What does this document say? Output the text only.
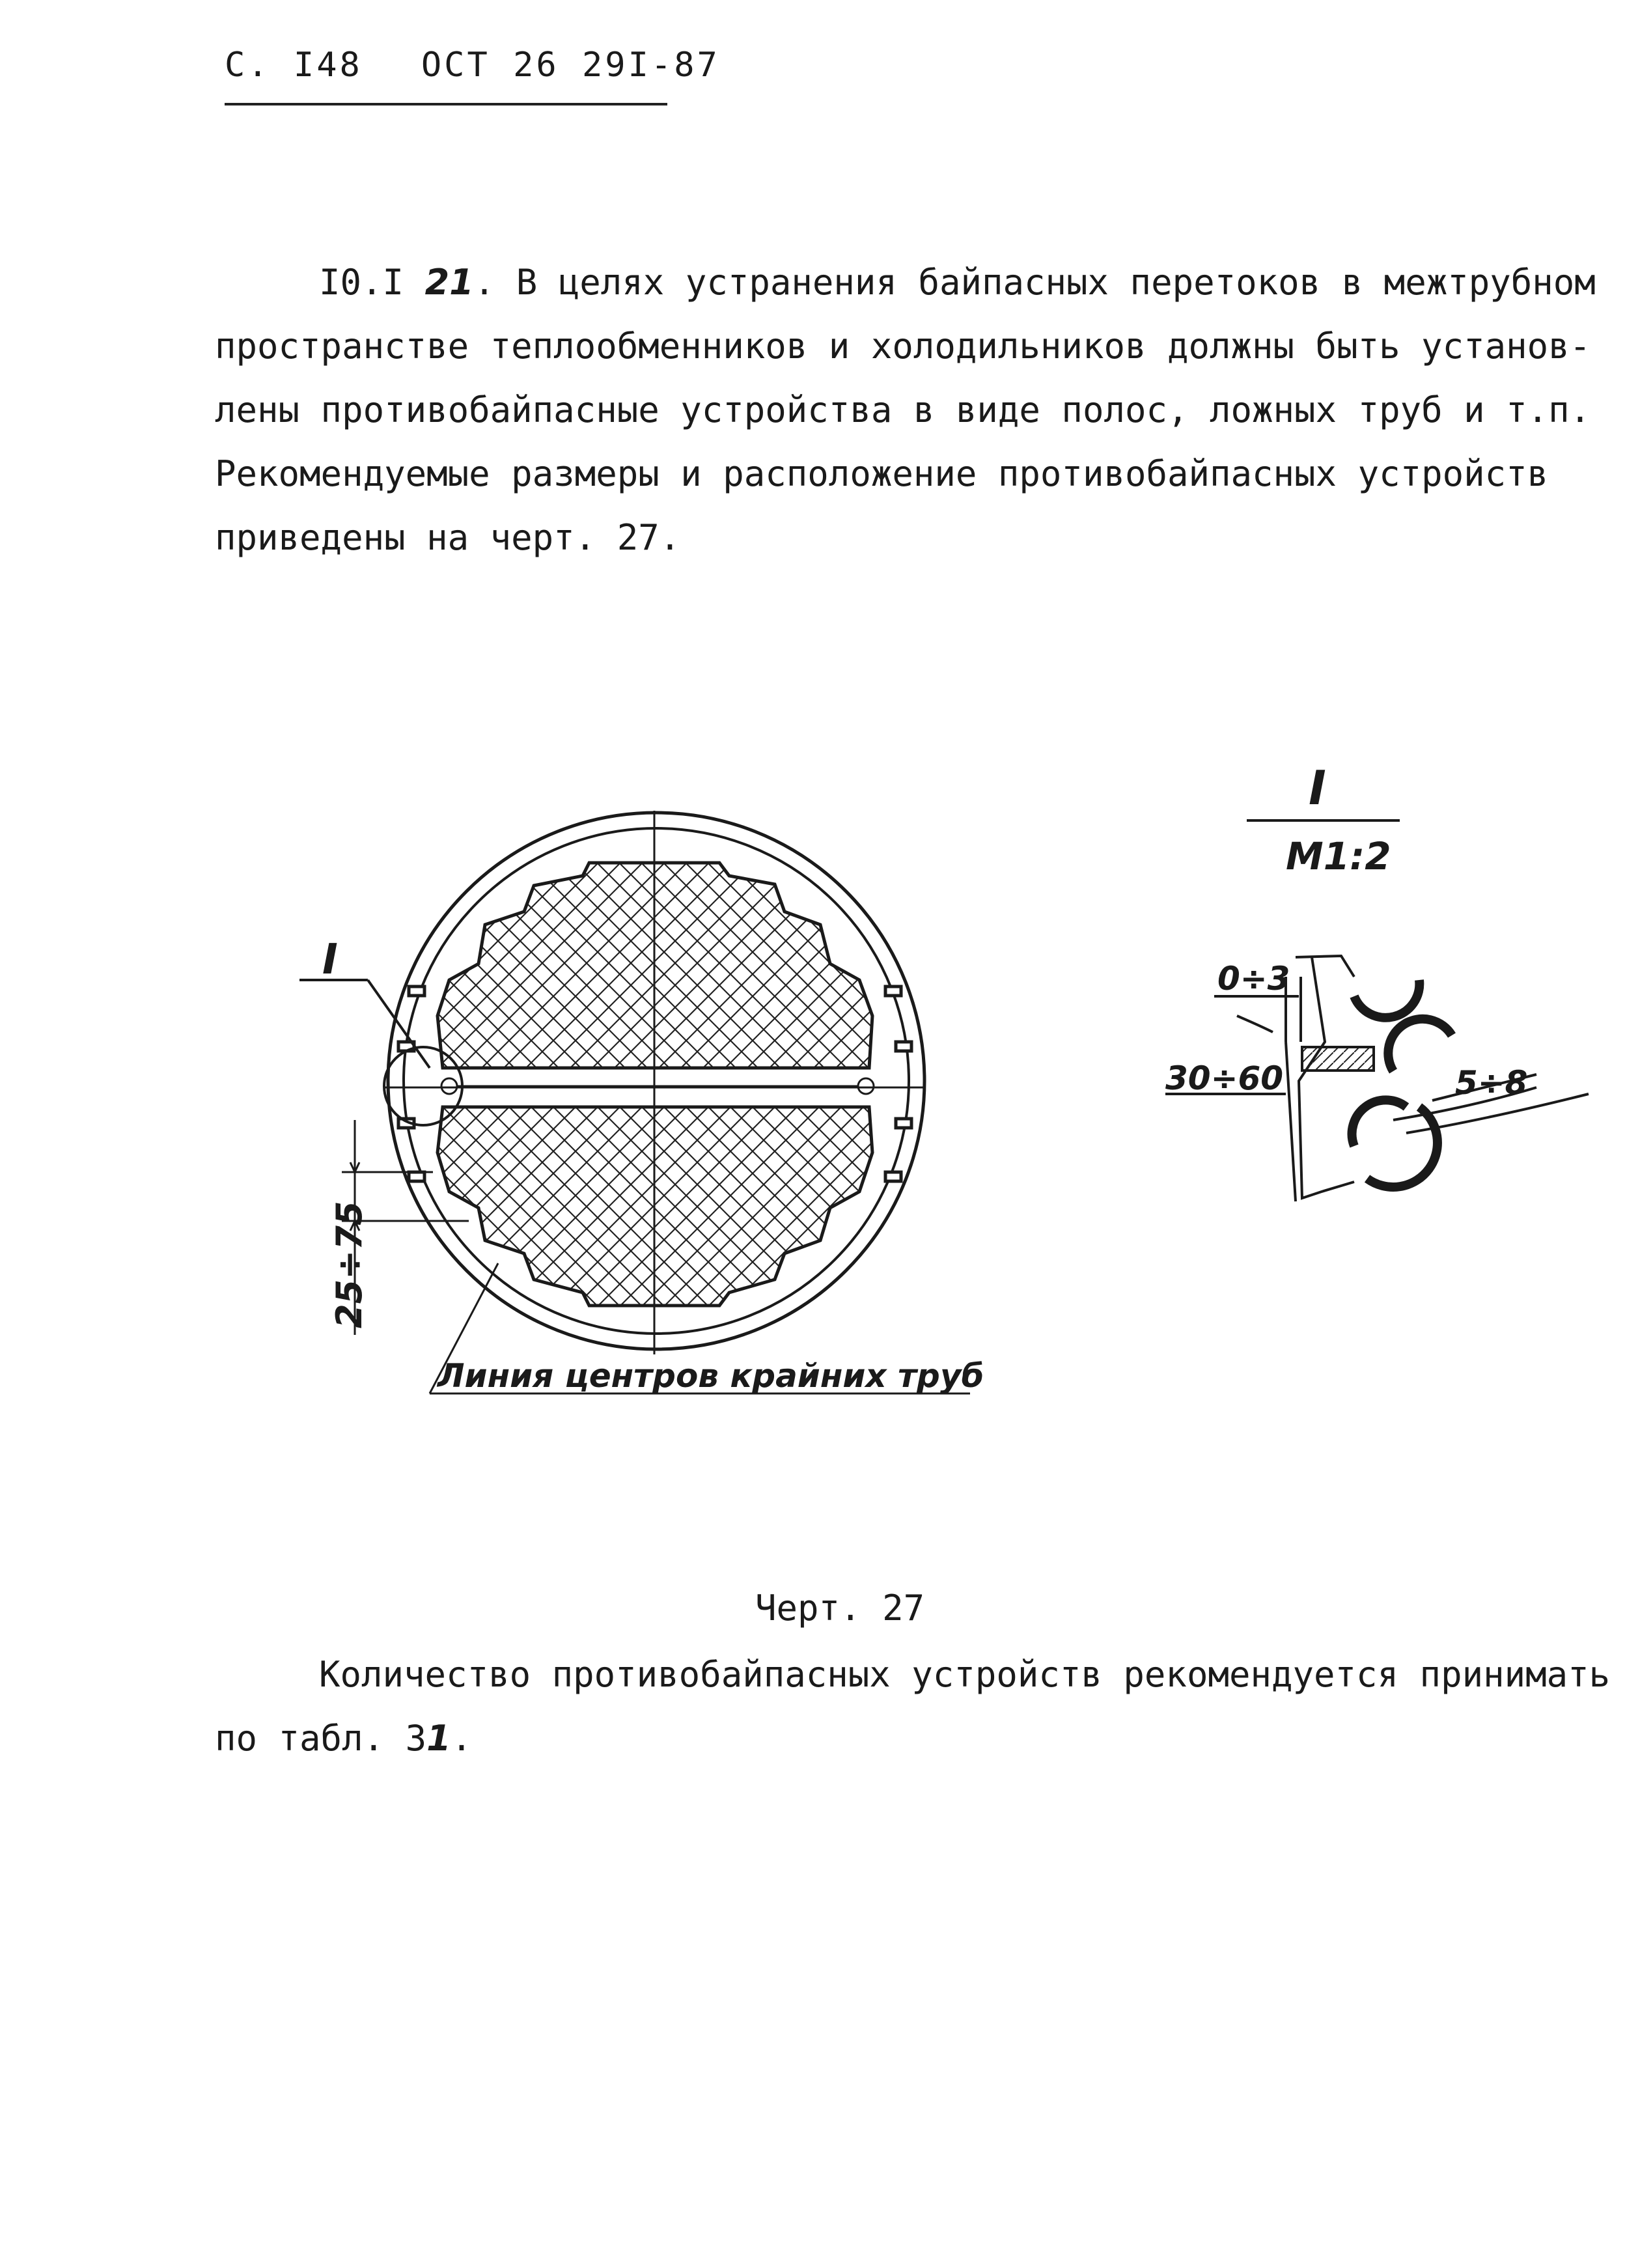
С. I48 ОСТ 26 29I-87
I0.I 21. В целях устранения байпасных перетоков в межтрубном
пространстве теплообменников и холодильников должны быть установ-
лены противобайпасные устройства в виде полос, ложных труб и т.п.
Рекомендуемые размеры и расположение противобайпасных устройств
приведены на черт. 27.
I
25÷75
Линия центров крайних труб
I
М1:2
0÷3
30÷60	5÷8
Черт. 27
Количество противобайпасных устройств рекомендуется принимать
по табл. 31.
